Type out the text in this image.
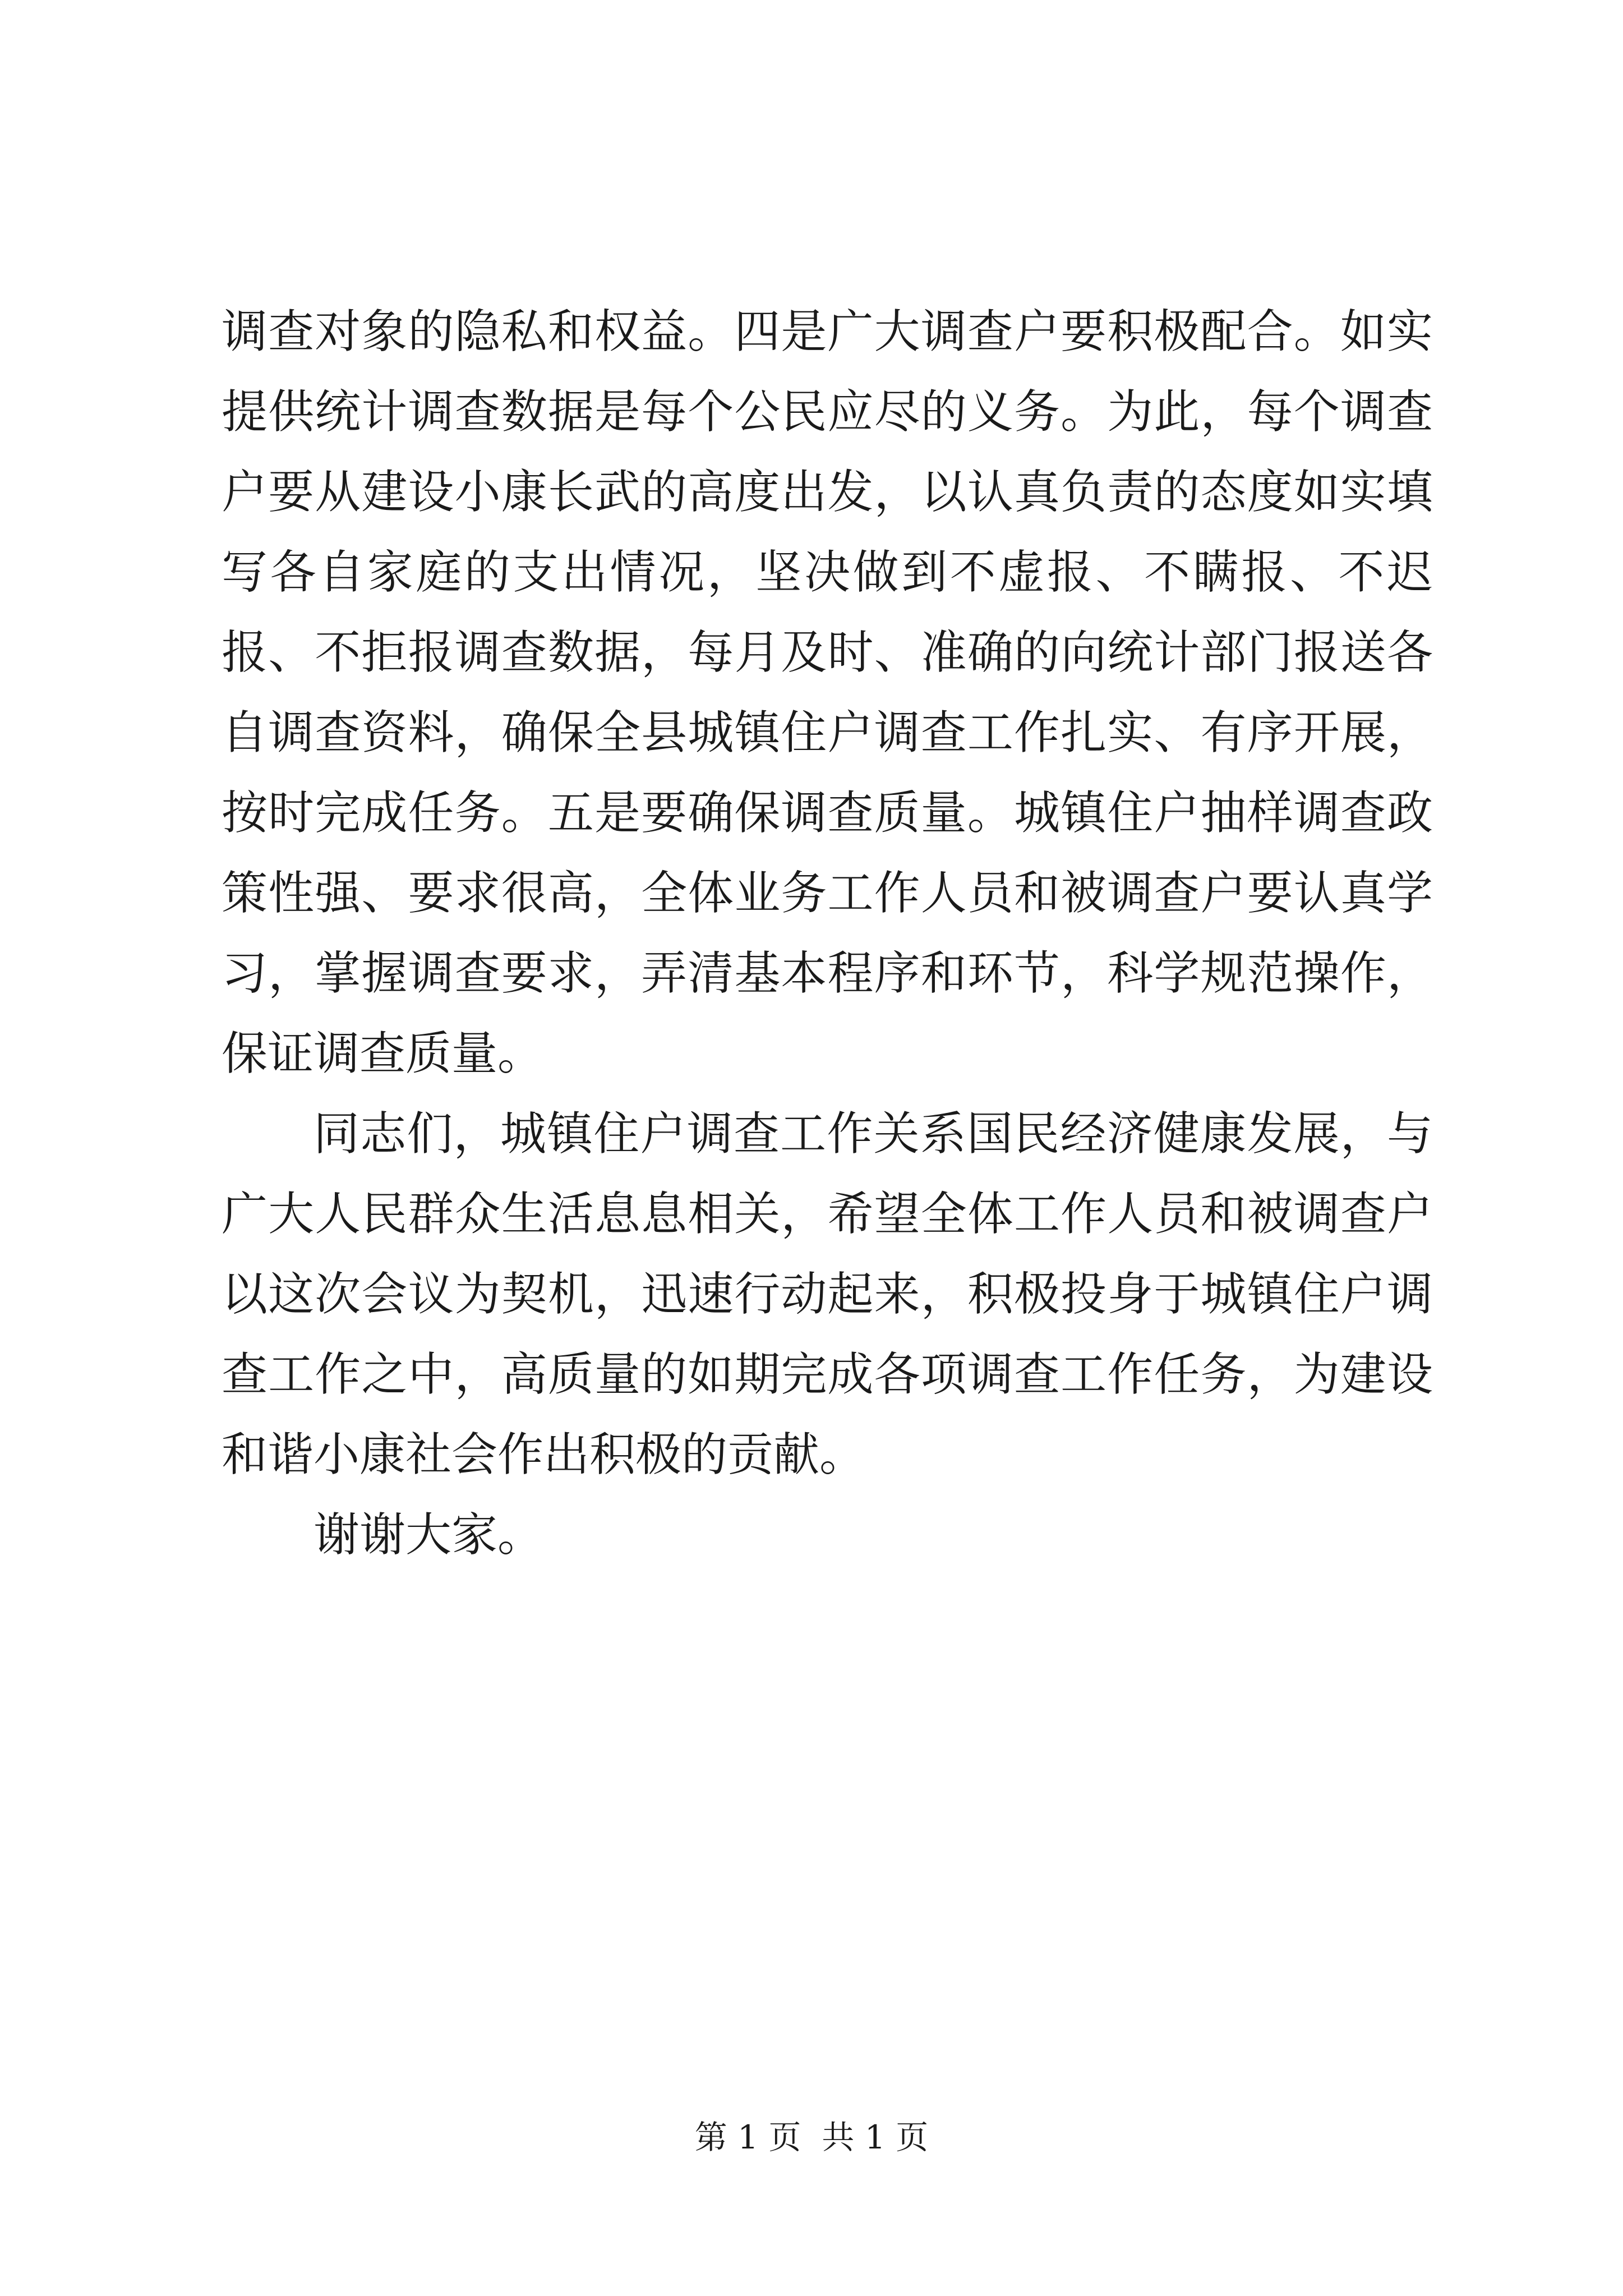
调查对象的隐私和权益。四是广大调查户要积极配合。如实提供统计调查数据是每个公民应尽的义务。为此，每个调查户要从建设小康长武的高度出发，以认真负责的态度如实填写各自家庭的支出情况，坚决做到不虚报、不瞒报、不迟报、不拒报调查数据，每月及时、准确的向统计部门报送各自调查资料，确保全县城镇住户调查工作扎实、有序开展，按时完成任务。五是要确保调查质量。城镇住户抽样调查政策性强、要求很高，全体业务工作人员和被调查户要认真学习，掌握调查要求，弄清基本程序和环节，科学规范操作，保证调查质量。

同志们，城镇住户调查工作关系国民经济健康发展，与广大人民群众生活息息相关，希望全体工作人员和被调查户以这次会议为契机，迅速行动起来，积极投身于城镇住户调查工作之中，高质量的如期完成各项调查工作任务，为建设和谐小康社会作出积极的贡献。

谢谢大家。

第 1 页  共 1 页
